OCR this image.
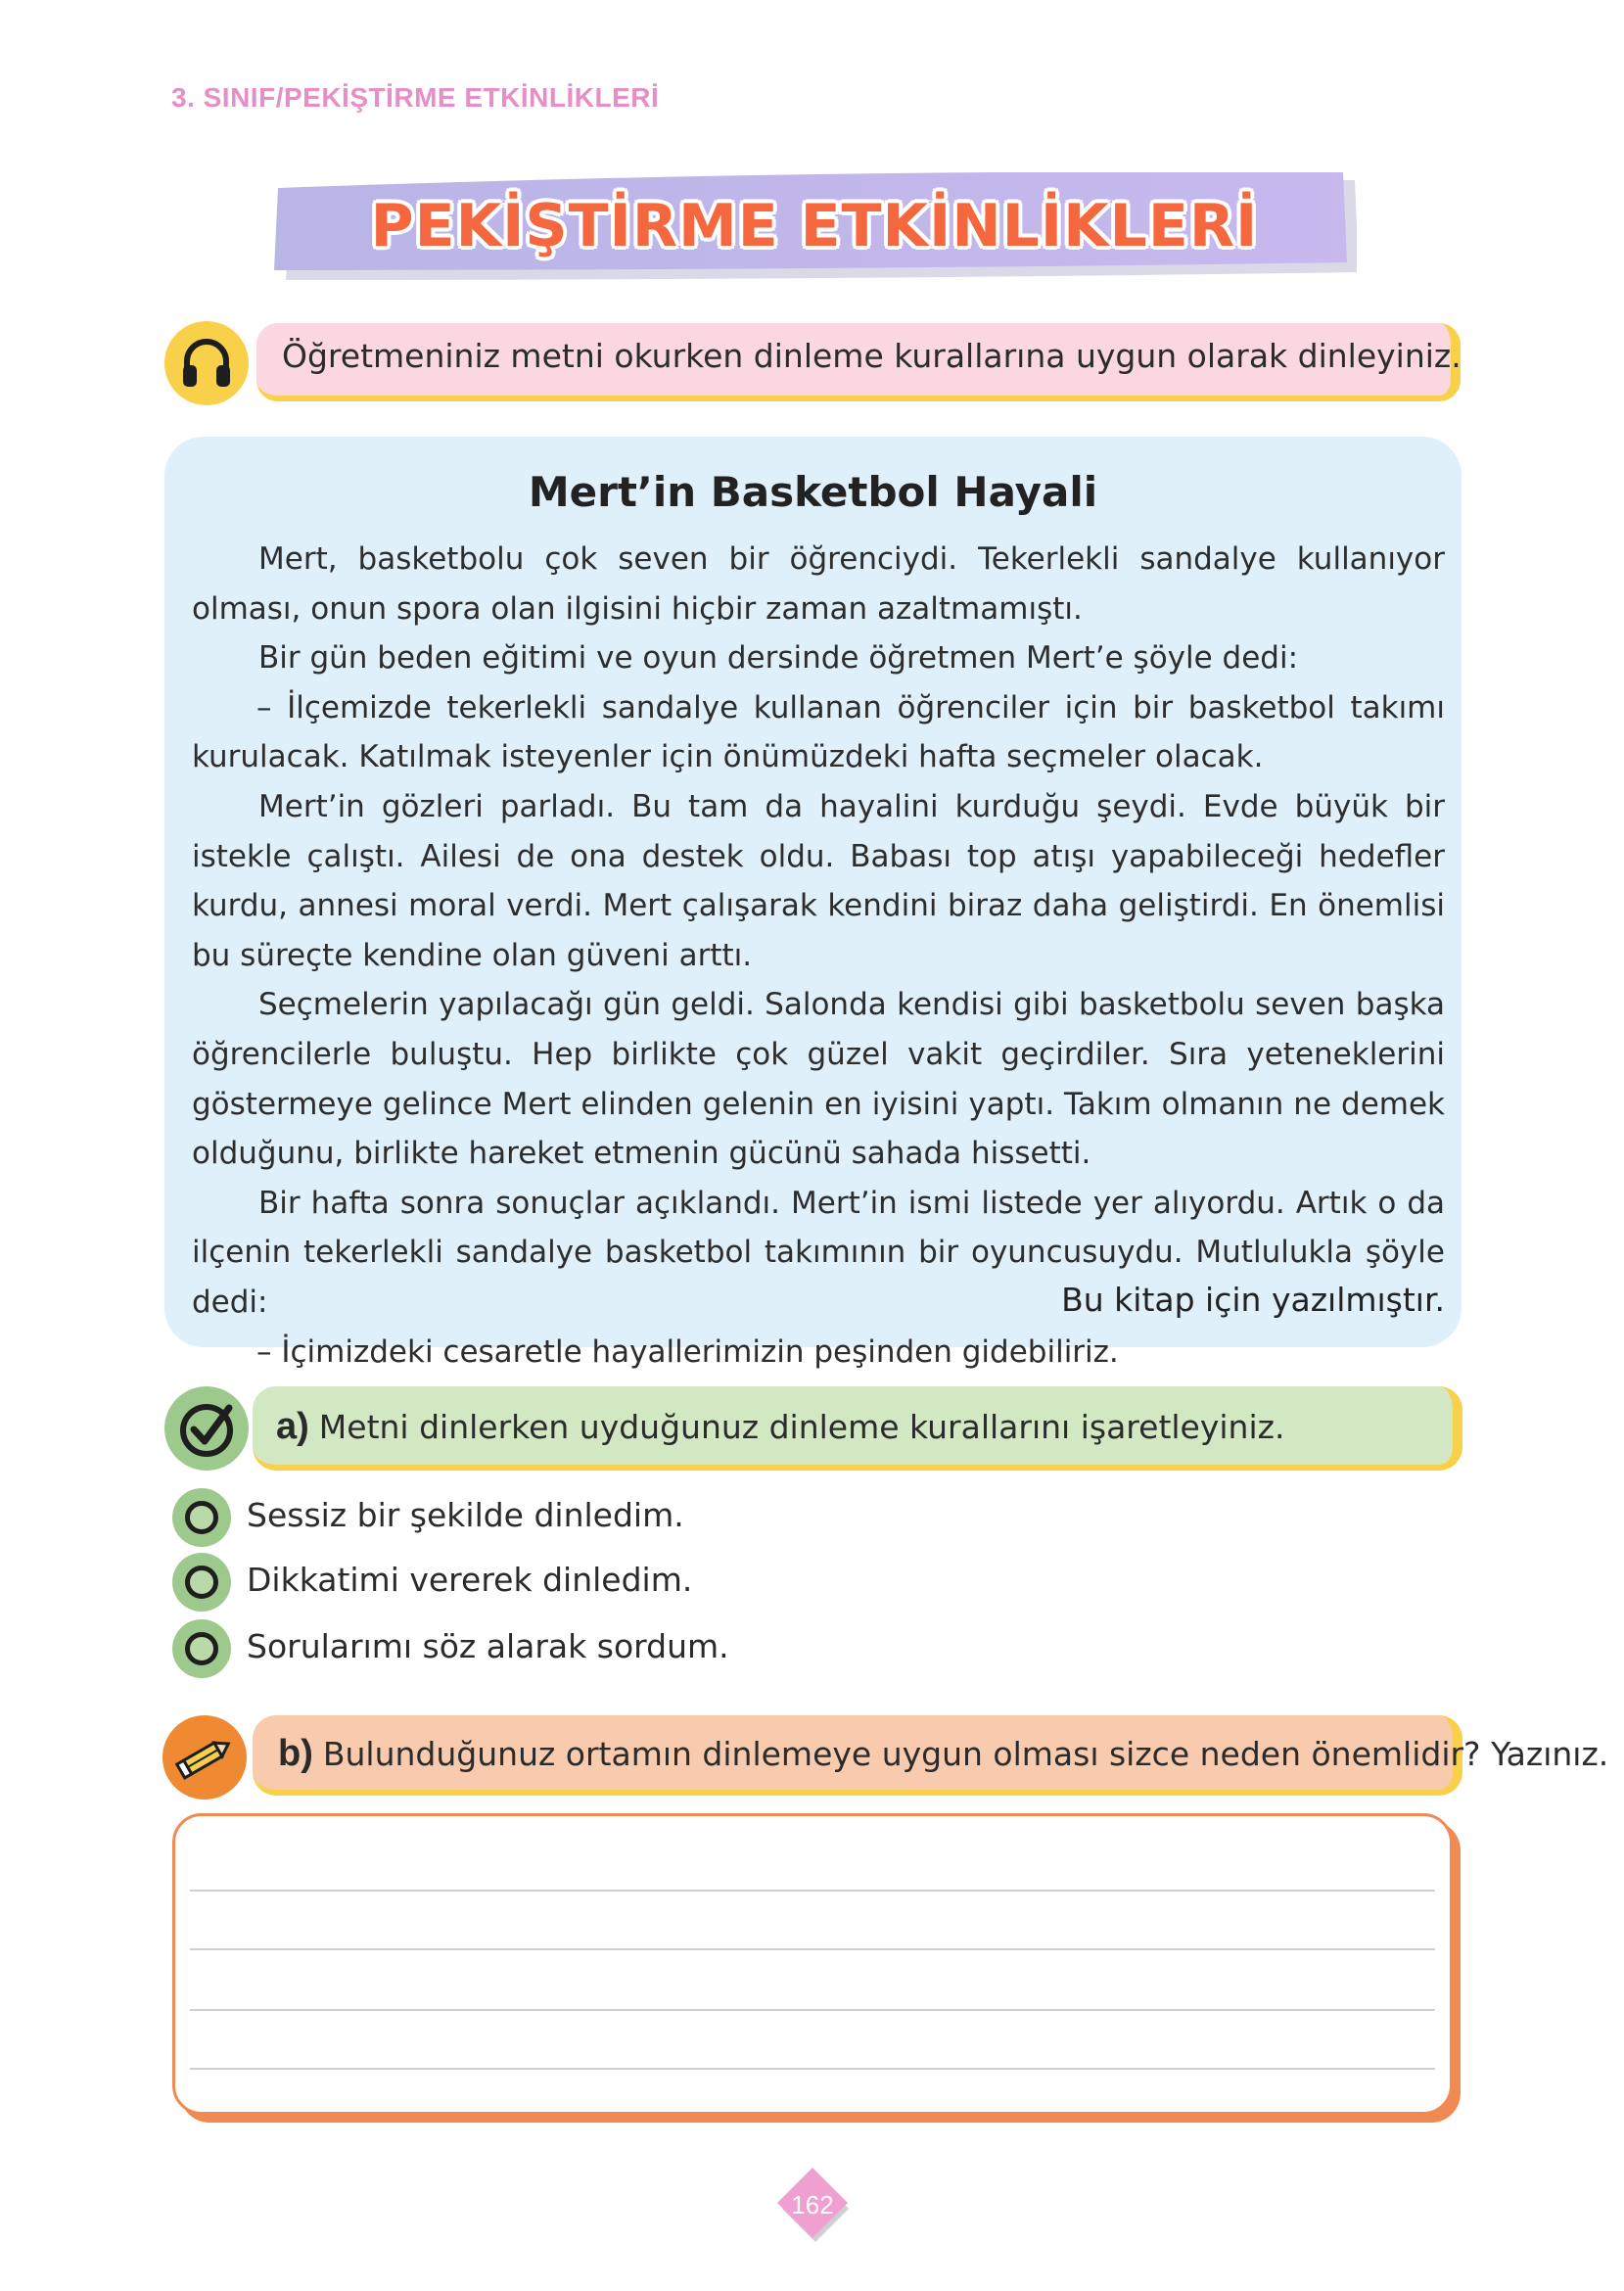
3. SINIF/PEKİŞTİRME ETKİNLİKLERİ
PEKİŞTİRME ETKİNLİKLERİ
Öğretmeniniz metni okurken dinleme kurallarına uygun olarak dinleyiniz.
Mert’in Basketbol Hayali

Mert, basketbolu çok seven bir öğrenciydi. Tekerlekli sandalye kullanıyor olması, onun spora olan ilgisini hiçbir zaman azaltmamıştı.

Bir gün beden eğitimi ve oyun dersinde öğretmen Mert’e şöyle dedi:

– İlçemizde tekerlekli sandalye kullanan öğrenciler için bir basketbol takımı kurulacak. Katılmak isteyenler için önümüzdeki hafta seçmeler olacak.

Mert’in gözleri parladı. Bu tam da hayalini kurduğu şeydi. Evde büyük bir istekle çalıştı. Ailesi de ona destek oldu. Babası top atışı yapabileceği hedefler kurdu, annesi moral verdi. Mert çalışarak kendini biraz daha geliştirdi. En önemlisi bu süreçte kendine olan güveni arttı.

Seçmelerin yapılacağı gün geldi. Salonda kendisi gibi basketbolu seven başka öğrencilerle buluştu. Hep birlikte çok güzel vakit geçirdiler. Sıra yeteneklerini göstermeye gelince Mert elinden gelenin en iyisini yaptı. Takım olmanın ne demek olduğunu, birlikte hareket etmenin gücünü sahada hissetti.

Bir hafta sonra sonuçlar açıklandı. Mert’in ismi listede yer alıyordu. Artık o da ilçenin tekerlekli sandalye basketbol takımının bir oyuncusuydu. Mutlulukla şöyle dedi:

– İçimizdeki cesaretle hayallerimizin peşinden gidebiliriz.

Bu kitap için yazılmıştır.
a) Metni dinlerken uyduğunuz dinleme kurallarını işaretleyiniz.
Sessiz bir şekilde dinledim.
Dikkatimi vererek dinledim.
Sorularımı söz alarak sordum.
b) Bulunduğunuz ortamın dinlemeye uygun olması sizce neden önemlidir? Yazınız.
162
